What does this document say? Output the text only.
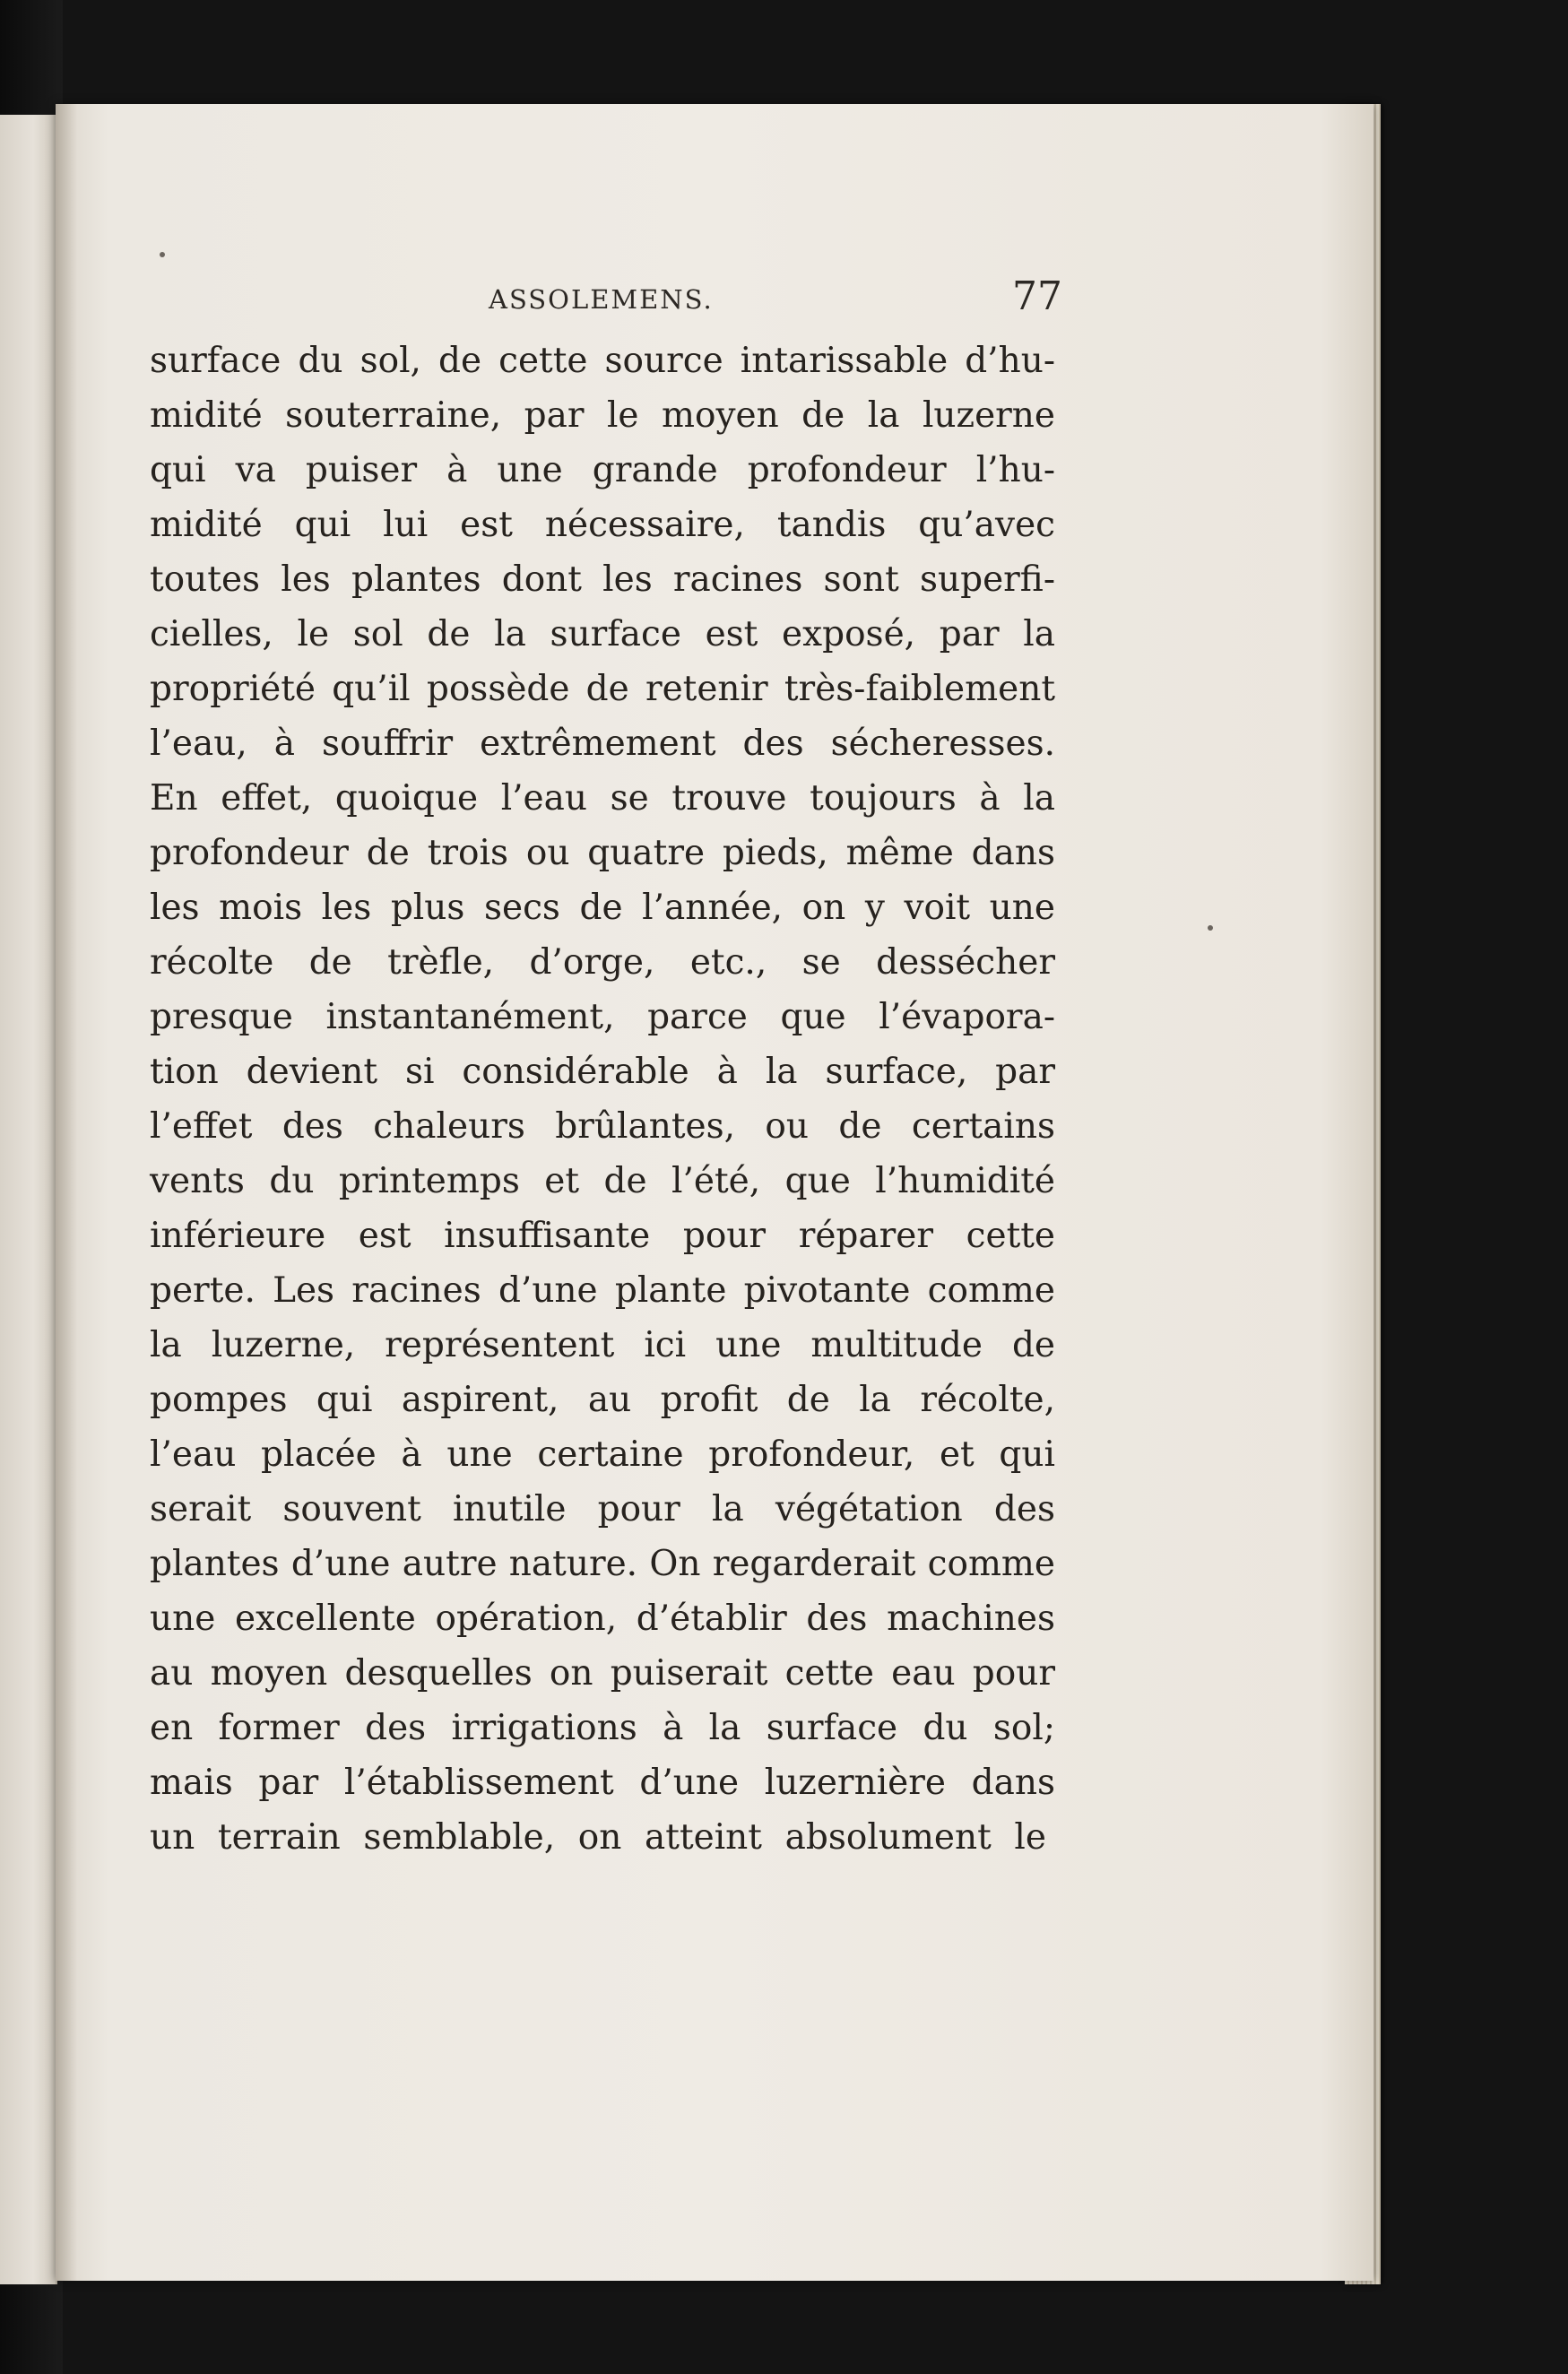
ASSOLEMENS.	77
surface du sol, de cette source intarissable d’hu-
midité souterraine, par le moyen de la luzerne
qui va puiser à une grande profondeur l’hu-
midité qui lui est nécessaire, tandis qu’avec
toutes les plantes dont les racines sont superfi-
cielles, le sol de la surface est exposé, par la
propriété qu’il possède de retenir très-faiblement
l’eau, à souffrir extrêmement des sécheresses.
En effet, quoique l’eau se trouve toujours à la
profondeur de trois ou quatre pieds, même dans
les mois les plus secs de l’année, on y voit une
récolte de trèfle, d’orge, etc., se dessécher
presque instantanément, parce que l’évapora-
tion devient si considérable à la surface, par
l’effet des chaleurs brûlantes, ou de certains
vents du printemps et de l’été, que l’humidité
inférieure est insuffisante pour réparer cette
perte. Les racines d’une plante pivotante comme
la luzerne, représentent ici une multitude de
pompes qui aspirent, au profit de la récolte,
l’eau placée à une certaine profondeur, et qui
serait souvent inutile pour la végétation des
plantes d’une autre nature. On regarderait comme
une excellente opération, d’établir des machines
au moyen desquelles on puiserait cette eau pour
en former des irrigations à la surface du sol;
mais par l’établissement d’une luzernière dans
un terrain semblable, on atteint absolument le
